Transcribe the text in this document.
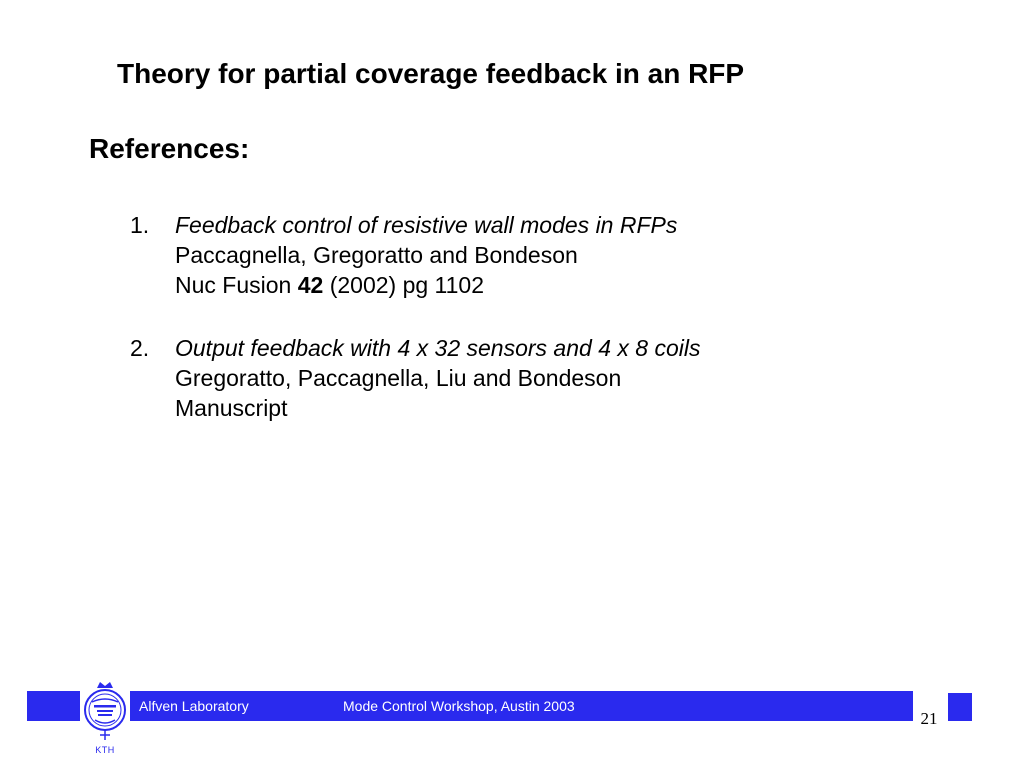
Theory for partial coverage feedback in an RFP
References:
1. Feedback control of resistive wall modes in RFPs
Paccagnella, Gregoratto and Bondeson
Nuc Fusion 42 (2002) pg 1102
2. Output feedback with 4 x 32 sensors and 4 x 8 coils
Gregoratto, Paccagnella, Liu and Bondeson
Manuscript
KTH
Alfven Laboratory	Mode Control Workshop, Austin 2003
21
